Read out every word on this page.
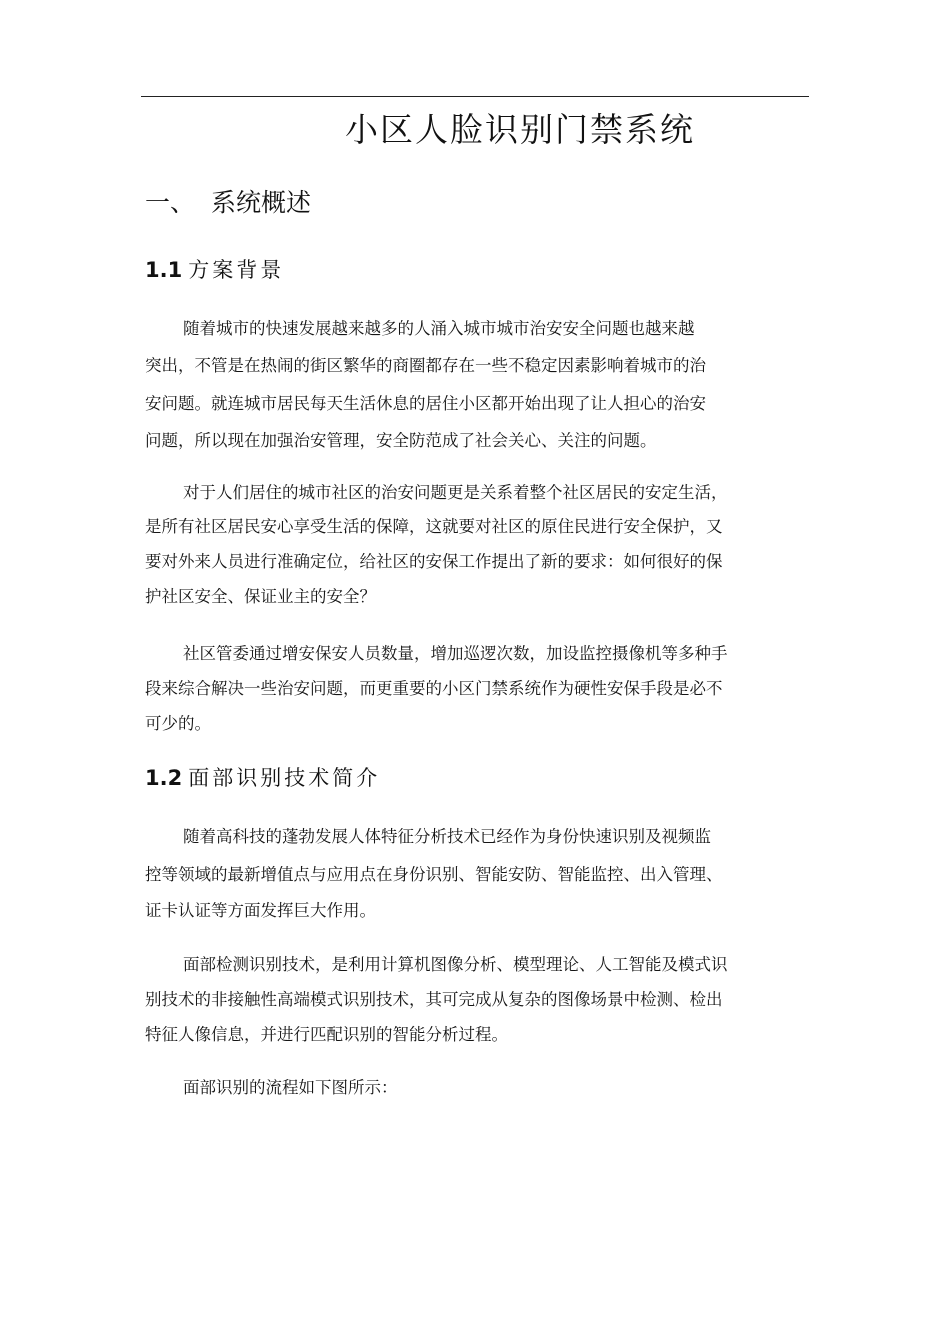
小区人脸识别门禁系统
一、 系统概述
1.1 方案背景

随着城市的快速发展越来越多的人涌入城市城市治安安全问题也越来越

突出，不管是在热闹的街区繁华的商圈都存在一些不稳定因素影响着城市的治

安问题。就连城市居民每天生活休息的居住小区都开始出现了让人担心的治安

问题，所以现在加强治安管理，安全防范成了社会关心、关注的问题。

对于人们居住的城市社区的治安问题更是关系着整个社区居民的安定生活，

是所有社区居民安心享受生活的保障，这就要对社区的原住民进行安全保护，又

要对外来人员进行准确定位，给社区的安保工作提出了新的要求：如何很好的保

护社区安全、保证业主的安全？

社区管委通过增安保安人员数量，增加巡逻次数，加设监控摄像机等多种手

段来综合解决一些治安问题，而更重要的小区门禁系统作为硬性安保手段是必不

可少的。

1.2 面部识别技术简介

随着高科技的蓬勃发展人体特征分析技术已经作为身份快速识别及视频监

控等领域的最新增值点与应用点在身份识别、智能安防、智能监控、出入管理、

证卡认证等方面发挥巨大作用。

面部检测识别技术，是利用计算机图像分析、模型理论、人工智能及模式识

别技术的非接触性高端模式识别技术，其可完成从复杂的图像场景中检测、检出

特征人像信息，并进行匹配识别的智能分析过程。

面部识别的流程如下图所示：
